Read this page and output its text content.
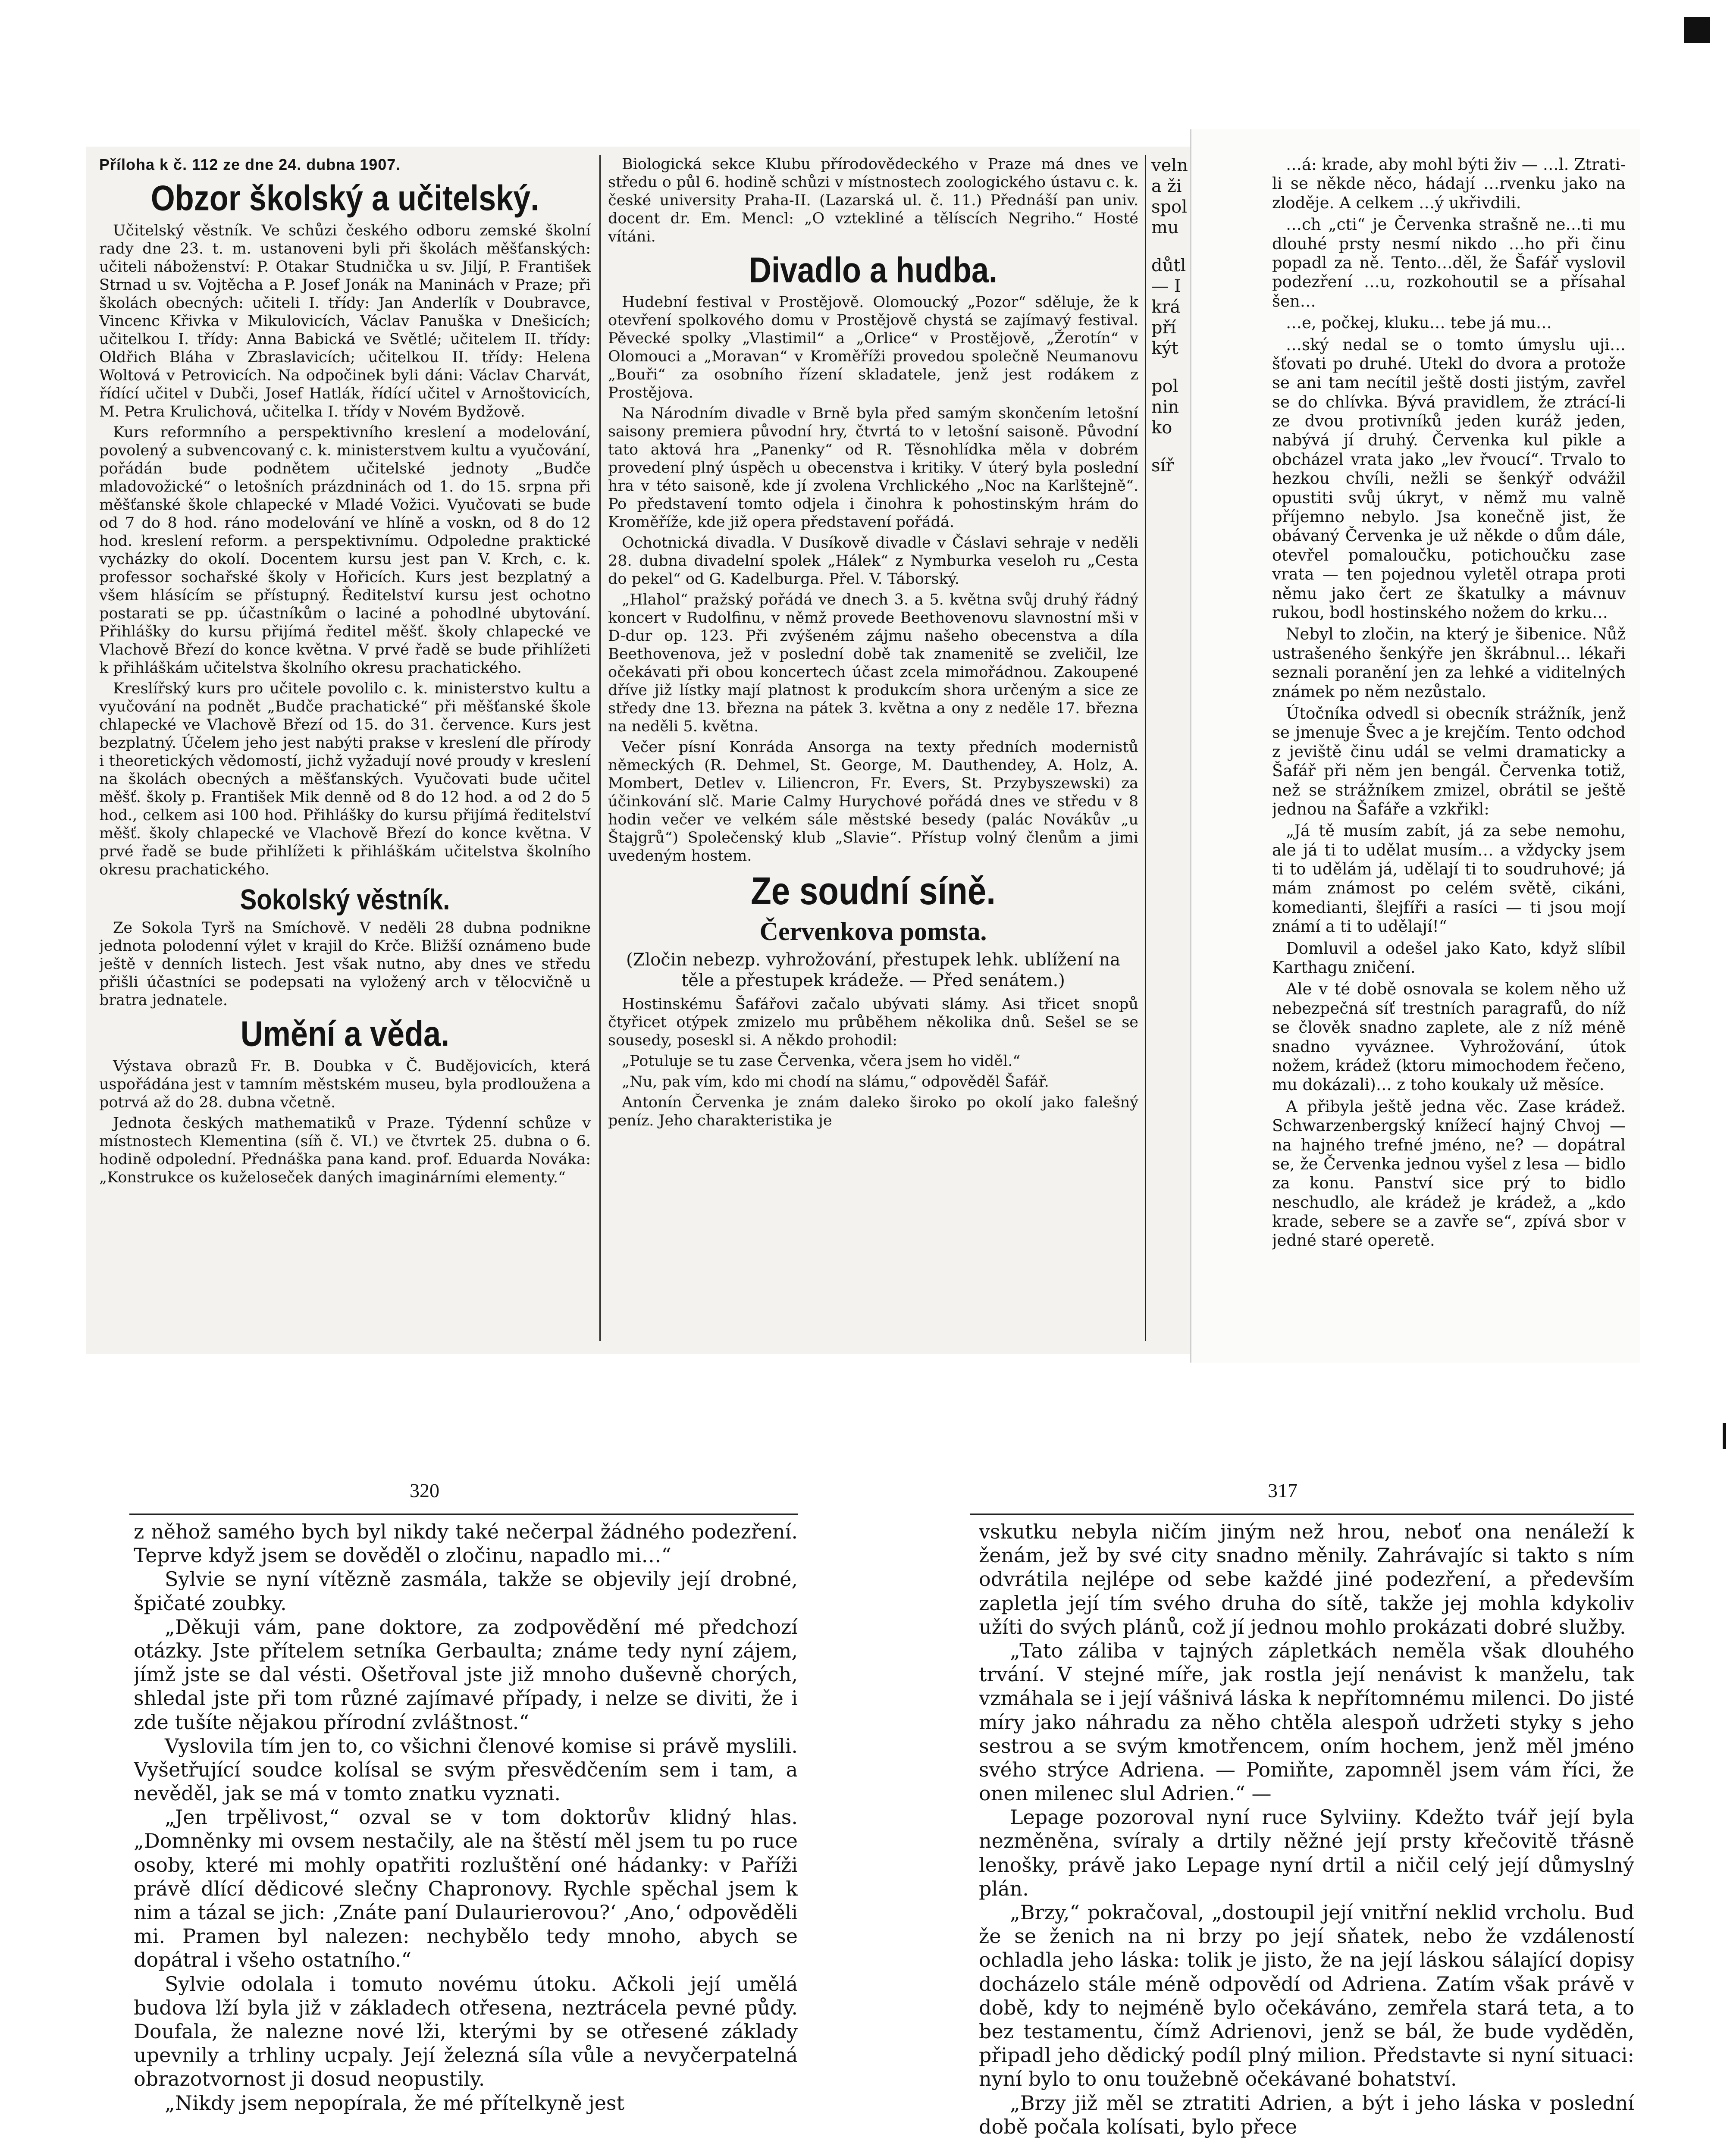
Příloha k č. 112 ze dne 24. dubna 1907.
Obzor školský a učitelský.

Učitelský věstník. Ve schůzi českého odboru zemské školní rady dne 23. t. m. ustanoveni byli při školách měšťanských: učiteli náboženství: P. Otakar Studnička u sv. Jiljí, P. František Strnad u sv. Vojtěcha a P. Josef Jonák na Maninách v Praze; při školách obecných: učiteli I. třídy: Jan Anderlík v Doubravce, Vincenc Křivka v Mikulovicích, Václav Panuška v Dnešicích; učitelkou I. třídy: Anna Babická ve Světlé; učitelem II. třídy: Oldřich Bláha v Zbraslavicích; učitelkou II. třídy: Helena Woltová v Petrovicích. Na odpočinek byli dáni: Václav Charvát, řídící učitel v Dubči, Josef Hatlák, řídící učitel v Arnoštovicích, M. Petra Krulichová, učitelka I. třídy v Novém Bydžově.

Kurs reformního a perspektivního kreslení a modelování, povolený a subvencovaný c. k. ministerstvem kultu a vyučování, pořádán bude podnětem učitelské jednoty „Budče mladovožické“ o letošních prázdninách od 1. do 15. srpna při měšťanské škole chlapecké v Mladé Vožici. Vyučovati se bude od 7 do 8 hod. ráno modelování ve hlíně a voskn, od 8 do 12 hod. kreslení reform. a perspektivnímu. Odpoledne praktické vycházky do okolí. Docentem kursu jest pan V. Krch, c. k. professor sochařské školy v Hořicích. Kurs jest bezplatný a všem hlásícím se přístupný. Ředitelství kursu jest ochotno postarati se pp. účastníkům o laciné a pohodlné ubytování. Přihlášky do kursu přijímá ředitel měšť. školy chlapecké ve Vlachově Březí do konce května. V prvé řadě se bude přihlížeti k přihláškám učitelstva školního okresu prachatického.

Kreslířský kurs pro učitele povolilo c. k. ministerstvo kultu a vyučování na podnět „Budče prachatické“ při měšťanské škole chlapecké ve Vlachově Březí od 15. do 31. července. Kurs jest bezplatný. Účelem jeho jest nabýti prakse v kreslení dle přírody i theoretických vědomostí, jichž vyžadují nové proudy v kreslení na školách obecných a měšťanských. Vyučovati bude učitel měšť. školy p. František Mik denně od 8 do 12 hod. a od 2 do 5 hod., celkem asi 100 hod. Přihlášky do kursu přijímá ředitelství měšť. školy chlapecké ve Vlachově Březí do konce května. V prvé řadě se bude přihlížeti k přihláškám učitelstva školního okresu prachatického.

Sokolský věstník.

Ze Sokola Tyrš na Smíchově. V neděli 28 dubna podnikne jednota polodenní výlet v krajil do Krče. Bližší oznámeno bude ještě v denních listech. Jest však nutno, aby dnes ve středu přišli účastníci se podepsati na vyložený arch v tělocvičně u bratra jednatele.

Umění a věda.

Výstava obrazů Fr. B. Doubka v Č. Budějovicích, která uspořádána jest v tamním městském museu, byla prodloužena a potrvá až do 28. dubna včetně.

Jednota českých mathematiků v Praze. Týdenní schůze v místnostech Klementina (síň č. VI.) ve čtvrtek 25. dubna o 6. hodině odpolední. Přednáška pana kand. prof. Eduarda Nováka: „Konstrukce os kuželoseček daných imaginárními elementy.“

Biologická sekce Klubu přírodovědeckého v Praze má dnes ve středu o půl 6. hodině schůzi v místnostech zoologického ústavu c. k. české university Praha-II. (Lazarská ul. č. 11.) Přednáší pan univ. docent dr. Em. Mencl: „O vztekliné a tělíscích Negriho.“ Hosté vítáni.

Divadlo a hudba.

Hudební festival v Prostějově. Olomoucký „Pozor“ sděluje, že k otevření spolkového domu v Prostějově chystá se zajímavý festival. Pěvecké spolky „Vlastimil“ a „Orlice“ v Prostějově, „Žerotín“ v Olomouci a „Moravan“ v Kroměříži provedou společně Neumanovu „Bouři“ za osobního řízení skladatele, jenž jest rodákem z Prostějova.

Na Národním divadle v Brně byla před samým skončením letošní saisony premiera původní hry, čtvrtá to v letošní saisoně. Původní tato aktová hra „Panenky“ od R. Těsnohlídka měla v dobrém provedení plný úspěch u obecenstva i kritiky. V úterý byla poslední hra v této saisoně, kde jí zvolena Vrchlického „Noc na Karlštejně“. Po představení tomto odjela i činohra k pohostinským hrám do Kroměříže, kde již opera představení pořádá.

Ochotnická divadla. V Dusíkově divadle v Čáslavi sehraje v neděli 28. dubna divadelní spolek „Hálek“ z Nymburka veseloh ru „Cesta do pekel“ od G. Kadelburga. Přel. V. Táborský.

„Hlahol“ pražský pořádá ve dnech 3. a 5. května svůj druhý řádný koncert v Rudolfinu, v němž provede Beethovenovu slavnostní mši v D-dur op. 123. Při zvýšeném zájmu našeho obecenstva a díla Beethovenova, jež v poslední době tak znamenitě se zveličil, lze očekávati při obou koncertech účast zcela mimořádnou. Zakoupené dříve již lístky mají platnost k produkcím shora určeným a sice ze středy dne 13. března na pátek 3. května a ony z neděle 17. března na neděli 5. května.

Večer písní Konráda Ansorga na texty předních modernistů německých (R. Dehmel, St. George, M. Dauthendey, A. Holz, A. Mombert, Detlev v. Liliencron, Fr. Evers, St. Przybyszewski) za účinkování slč. Marie Calmy Hurychové pořádá dnes ve středu v 8 hodin večer ve velkém sále městské besedy (palác Novákův „u Štajgrů“) Společenský klub „Slavie“. Přístup volný členům a jimi uvedeným hostem.

Ze soudní síně.
Červenkova pomsta.
(Zločin nebezp. vyhrožování, přestupek lehk. ublížení na těle a přestupek krádeže. — Před senátem.)

Hostinskému Šafářovi začalo ubývati slámy. Asi třicet snopů čtyřicet otýpek zmizelo mu průběhem několika dnů. Sešel se se sousedy, poseskl si. A někdo prohodil:

„Potuluje se tu zase Červenka, včera jsem ho viděl.“

„Nu, pak vím, kdo mi chodí na slámu,“ odpověděl Šafář.

Antonín Červenka je znám daleko široko po okolí jako falešný peníz. Jeho charakteristika je

veln
a ži
spol
mu
důtl
— I
krá
pří
kýt
pol
nin
ko
síř

…á: krade, aby mohl býti živ — …l. Ztrati-li se někde něco, hádají …rvenku jako na zloděje. A celkem …ý ukřivdili.

…ch „cti“ je Červenka strašně ne…ti mu dlouhé prsty nesmí nikdo …ho při činu popadl za ně. Tento…děl, že Šafář vyslovil podezření …u, rozkohoutil se a přísahal šen…

…e, počkej, kluku… tebe já mu…

…ský nedal se o tomto úmyslu uji… šťovati po druhé. Utekl do dvora a protože se ani tam necítil ještě dosti jistým, zavřel se do chlívka. Bývá pravidlem, že ztrácí-li ze dvou protivníků jeden kuráž jeden, nabývá jí druhý. Červenka kul pikle a obcházel vrata jako „lev řvoucí“. Trvalo to hezkou chvíli, nežli se šenkýř odvážil opustiti svůj úkryt, v němž mu valně příjemno nebylo. Jsa konečně jist, že obávaný Červenka je už někde o dům dále, otevřel pomaloučku, potichoučku zase vrata — ten pojednou vyletěl otrapa proti němu jako čert ze škatulky a mávnuv rukou, bodl hostinského nožem do krku…

Nebyl to zločin, na který je šibenice. Nůž ustrašeného šenkýře jen škrábnul… lékaři seznali poranění jen za lehké a viditelných známek po něm nezůstalo.

Útočníka odvedl si obecník strážník, jenž se jmenuje Švec a je krejčím. Tento odchod z jeviště činu udál se velmi dramaticky a Šafář při něm jen bengál. Červenka totiž, než se strážníkem zmizel, obrátil se ještě jednou na Šafáře a vzkřikl:

„Já tě musím zabít, já za sebe nemohu, ale já ti to udělat musím… a vždycky jsem ti to udělám já, udělají ti to soudruhové; já mám známost po celém světě, cikáni, komedianti, šlejfíři a rasíci — ti jsou mojí známí a ti to udělají!“

Domluvil a odešel jako Kato, když slíbil Karthagu zničení.

Ale v té době osnovala se kolem něho už nebezpečná síť trestních paragrafů, do níž se člověk snadno zaplete, ale z níž méně snadno vyváznee. Vyhrožování, útok nožem, krádež (ktoru mimochodem řečeno, mu dokázali)… z toho koukaly už měsíce.

A přibyla ještě jedna věc. Zase krádež. Schwarzenbergský knížecí hajný Chvoj — na hajného trefné jméno, ne? — dopátral se, že Červenka jednou vyšel z lesa — bidlo za konu. Panství sice prý to bidlo neschudlo, ale krádež je krádež, a „kdo krade, sebere se a zavře se“, zpívá sbor v jedné staré operetě.

320

z něhož samého bych byl nikdy také nečerpal žádného podezření. Teprve když jsem se dověděl o zločinu, napadlo mi…“

Sylvie se nyní vítězně zasmála, takže se objevily její drobné, špičaté zoubky.

„Děkuji vám, pane doktore, za zodpovědění mé předchozí otázky. Jste přítelem setníka Gerbaulta; známe tedy nyní zájem, jímž jste se dal vésti. Ošetřoval jste již mnoho duševně chorých, shledal jste při tom různé zajímavé případy, i nelze se diviti, že i zde tušíte nějakou přírodní zvláštnost.“

Vyslovila tím jen to, co všichni členové komise si právě myslili. Vyšetřující soudce kolísal se svým přesvědčením sem i tam, a nevěděl, jak se má v tomto znatku vyznati.

„Jen trpělivost,“ ozval se v tom doktorův klidný hlas. „Domněnky mi ovsem nestačily, ale na štěstí měl jsem tu po ruce osoby, které mi mohly opatřiti rozluštění oné hádanky: v Paříži právě dlící dědicové slečny Chapronovy. Rychle spěchal jsem k nim a tázal se jich: ‚Znáte paní Dulaurierovou?‘ ‚Ano,‘ odpověděli mi. Pramen byl nalezen: nechybělo tedy mnoho, abych se dopátral i všeho ostatního.“

Sylvie odolala i tomuto novému útoku. Ačkoli její umělá budova lží byla již v základech otřesena, neztrácela pevné půdy. Doufala, že nalezne nové lži, kterými by se otřesené základy upevnily a trhliny ucpaly. Její železná síla vůle a nevyčerpatelná obrazotvornost ji dosud neopustily.

„Nikdy jsem nepopírala, že mé přítelkyně jest

317

vskutku nebyla ničím jiným než hrou, neboť ona nenáleží k ženám, jež by své city snadno měnily. Zahrávajíc si takto s ním odvrátila nejlépe od sebe každé jiné podezření, a především zapletla její tím svého druha do sítě, takže jej mohla kdykoliv užíti do svých plánů, což jí jednou mohlo prokázati dobré služby.

„Tato záliba v tajných zápletkách neměla však dlouhého trvání. V stejné míře, jak rostla její nenávist k manželu, tak vzmáhala se i její vášnivá láska k nepřítomnému milenci. Do jisté míry jako náhradu za něho chtěla alespoň udržeti styky s jeho sestrou a se svým kmotřencem, oním hochem, jenž měl jméno svého strýce Adriena. — Pomiňte, zapomněl jsem vám říci, že onen milenec slul Adrien.“ —

Lepage pozoroval nyní ruce Sylviiny. Kdežto tvář její byla nezměněna, svíraly a drtily něžné její prsty křečovitě třásně lenošky, právě jako Lepage nyní drtil a ničil celý její důmyslný plán.

„Brzy,“ pokračoval, „dostoupil její vnitřní neklid vrcholu. Buď že se ženich na ni brzy po její sňatek, nebo že vzdáleností ochladla jeho láska: tolik je jisto, že na její láskou sálající dopisy docházelo stále méně odpovědí od Adriena. Zatím však právě v době, kdy to nejméně bylo očekáváno, zemřela stará teta, a to bez testamentu, čímž Adrienovi, jenž se bál, že bude vyděděn, připadl jeho dědický podíl plný milion. Představte si nyní situaci: nyní bylo to onu toužebně očekávané bohatství.

„Brzy již měl se ztratiti Adrien, a být i jeho láska v poslední době počala kolísati, bylo přece
